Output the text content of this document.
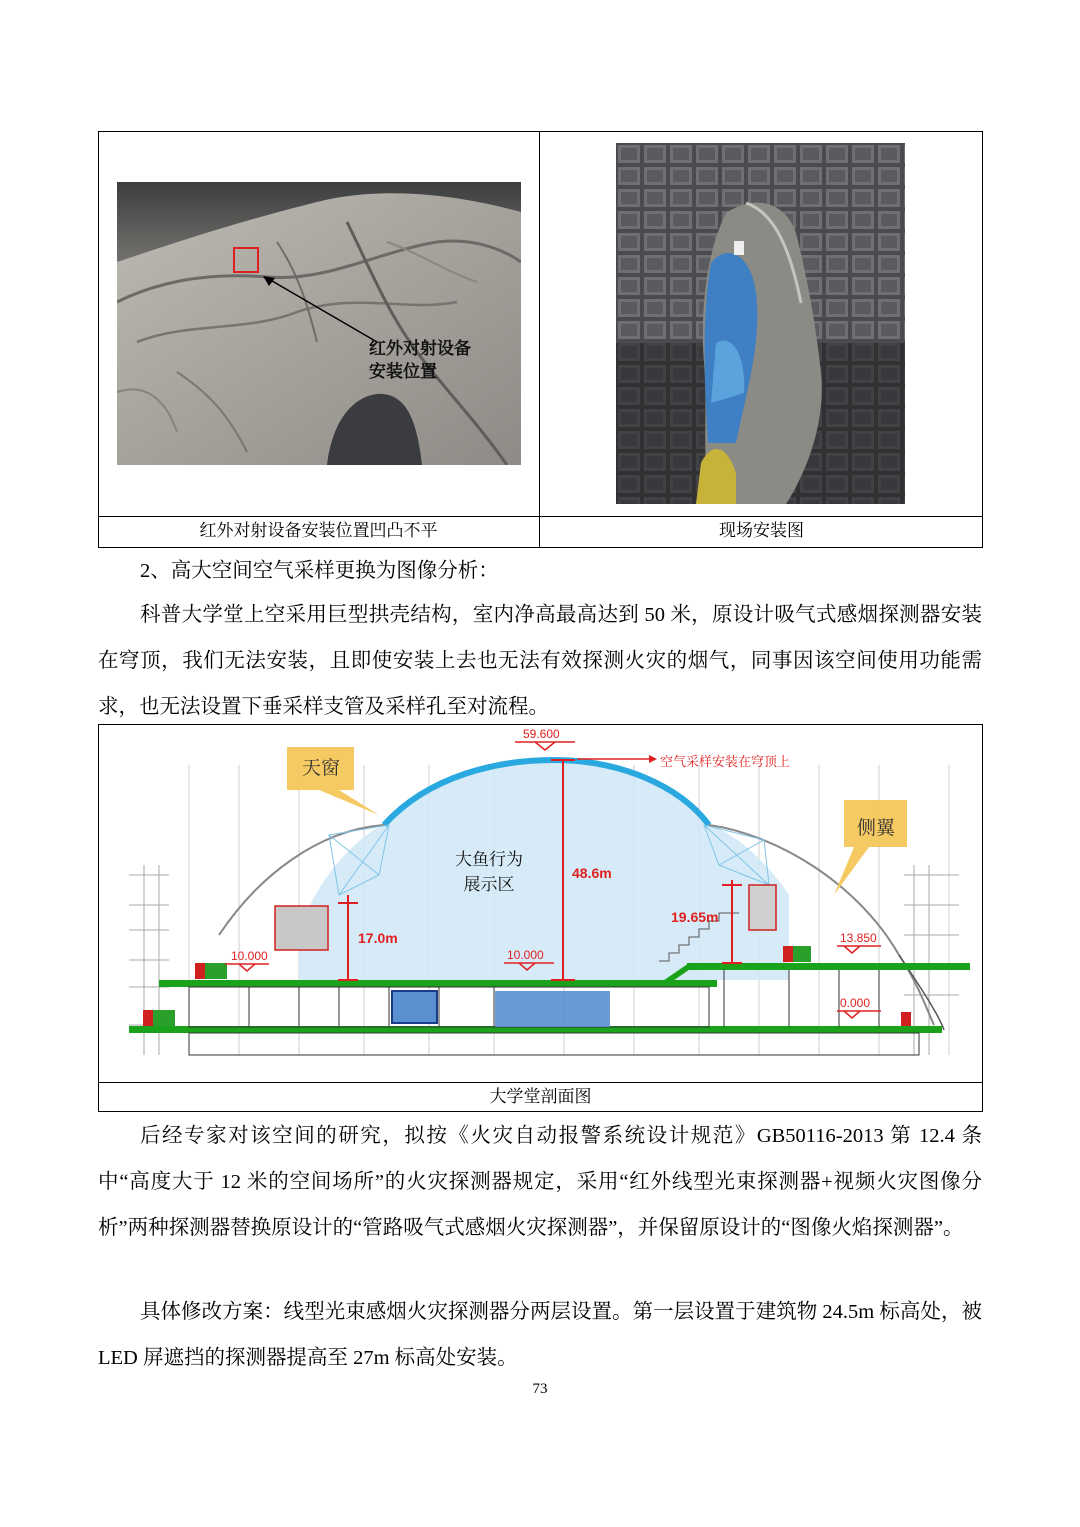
红外对射设备
安装位置
红外对射设备安装位置凹凸不平	现场安装图

2、高大空间空气采样更换为图像分析：

科普大学堂上空采用巨型拱壳结构，室内净高最高达到 50 米，原设计吸气式感烟探测器安装在穹顶，我们无法安装，且即使安装上去也无法有效探测火灾的烟气，同事因该空间使用功能需求，也无法设置下垂采样支管及采样孔至对流程。

天窗
侧翼
空气采样安装在穹顶上
大鱼行为
展示区
59.600
48.6m
17.0m
19.65m
10.000	10.000
13.850
0.000
大学堂剖面图

后经专家对该空间的研究，拟按《火灾自动报警系统设计规范》GB50116-2013 第 12.4 条中“高度大于 12 米的空间场所”的火灾探测器规定，采用“红外线型光束探测器+视频火灾图像分析”两种探测器替换原设计的“管路吸气式感烟火灾探测器”，并保留原设计的“图像火焰探测器”。

具体修改方案：线型光束感烟火灾探测器分两层设置。第一层设置于建筑物 24.5m 标高处，被 LED 屏遮挡的探测器提高至 27m 标高处安装。

73
